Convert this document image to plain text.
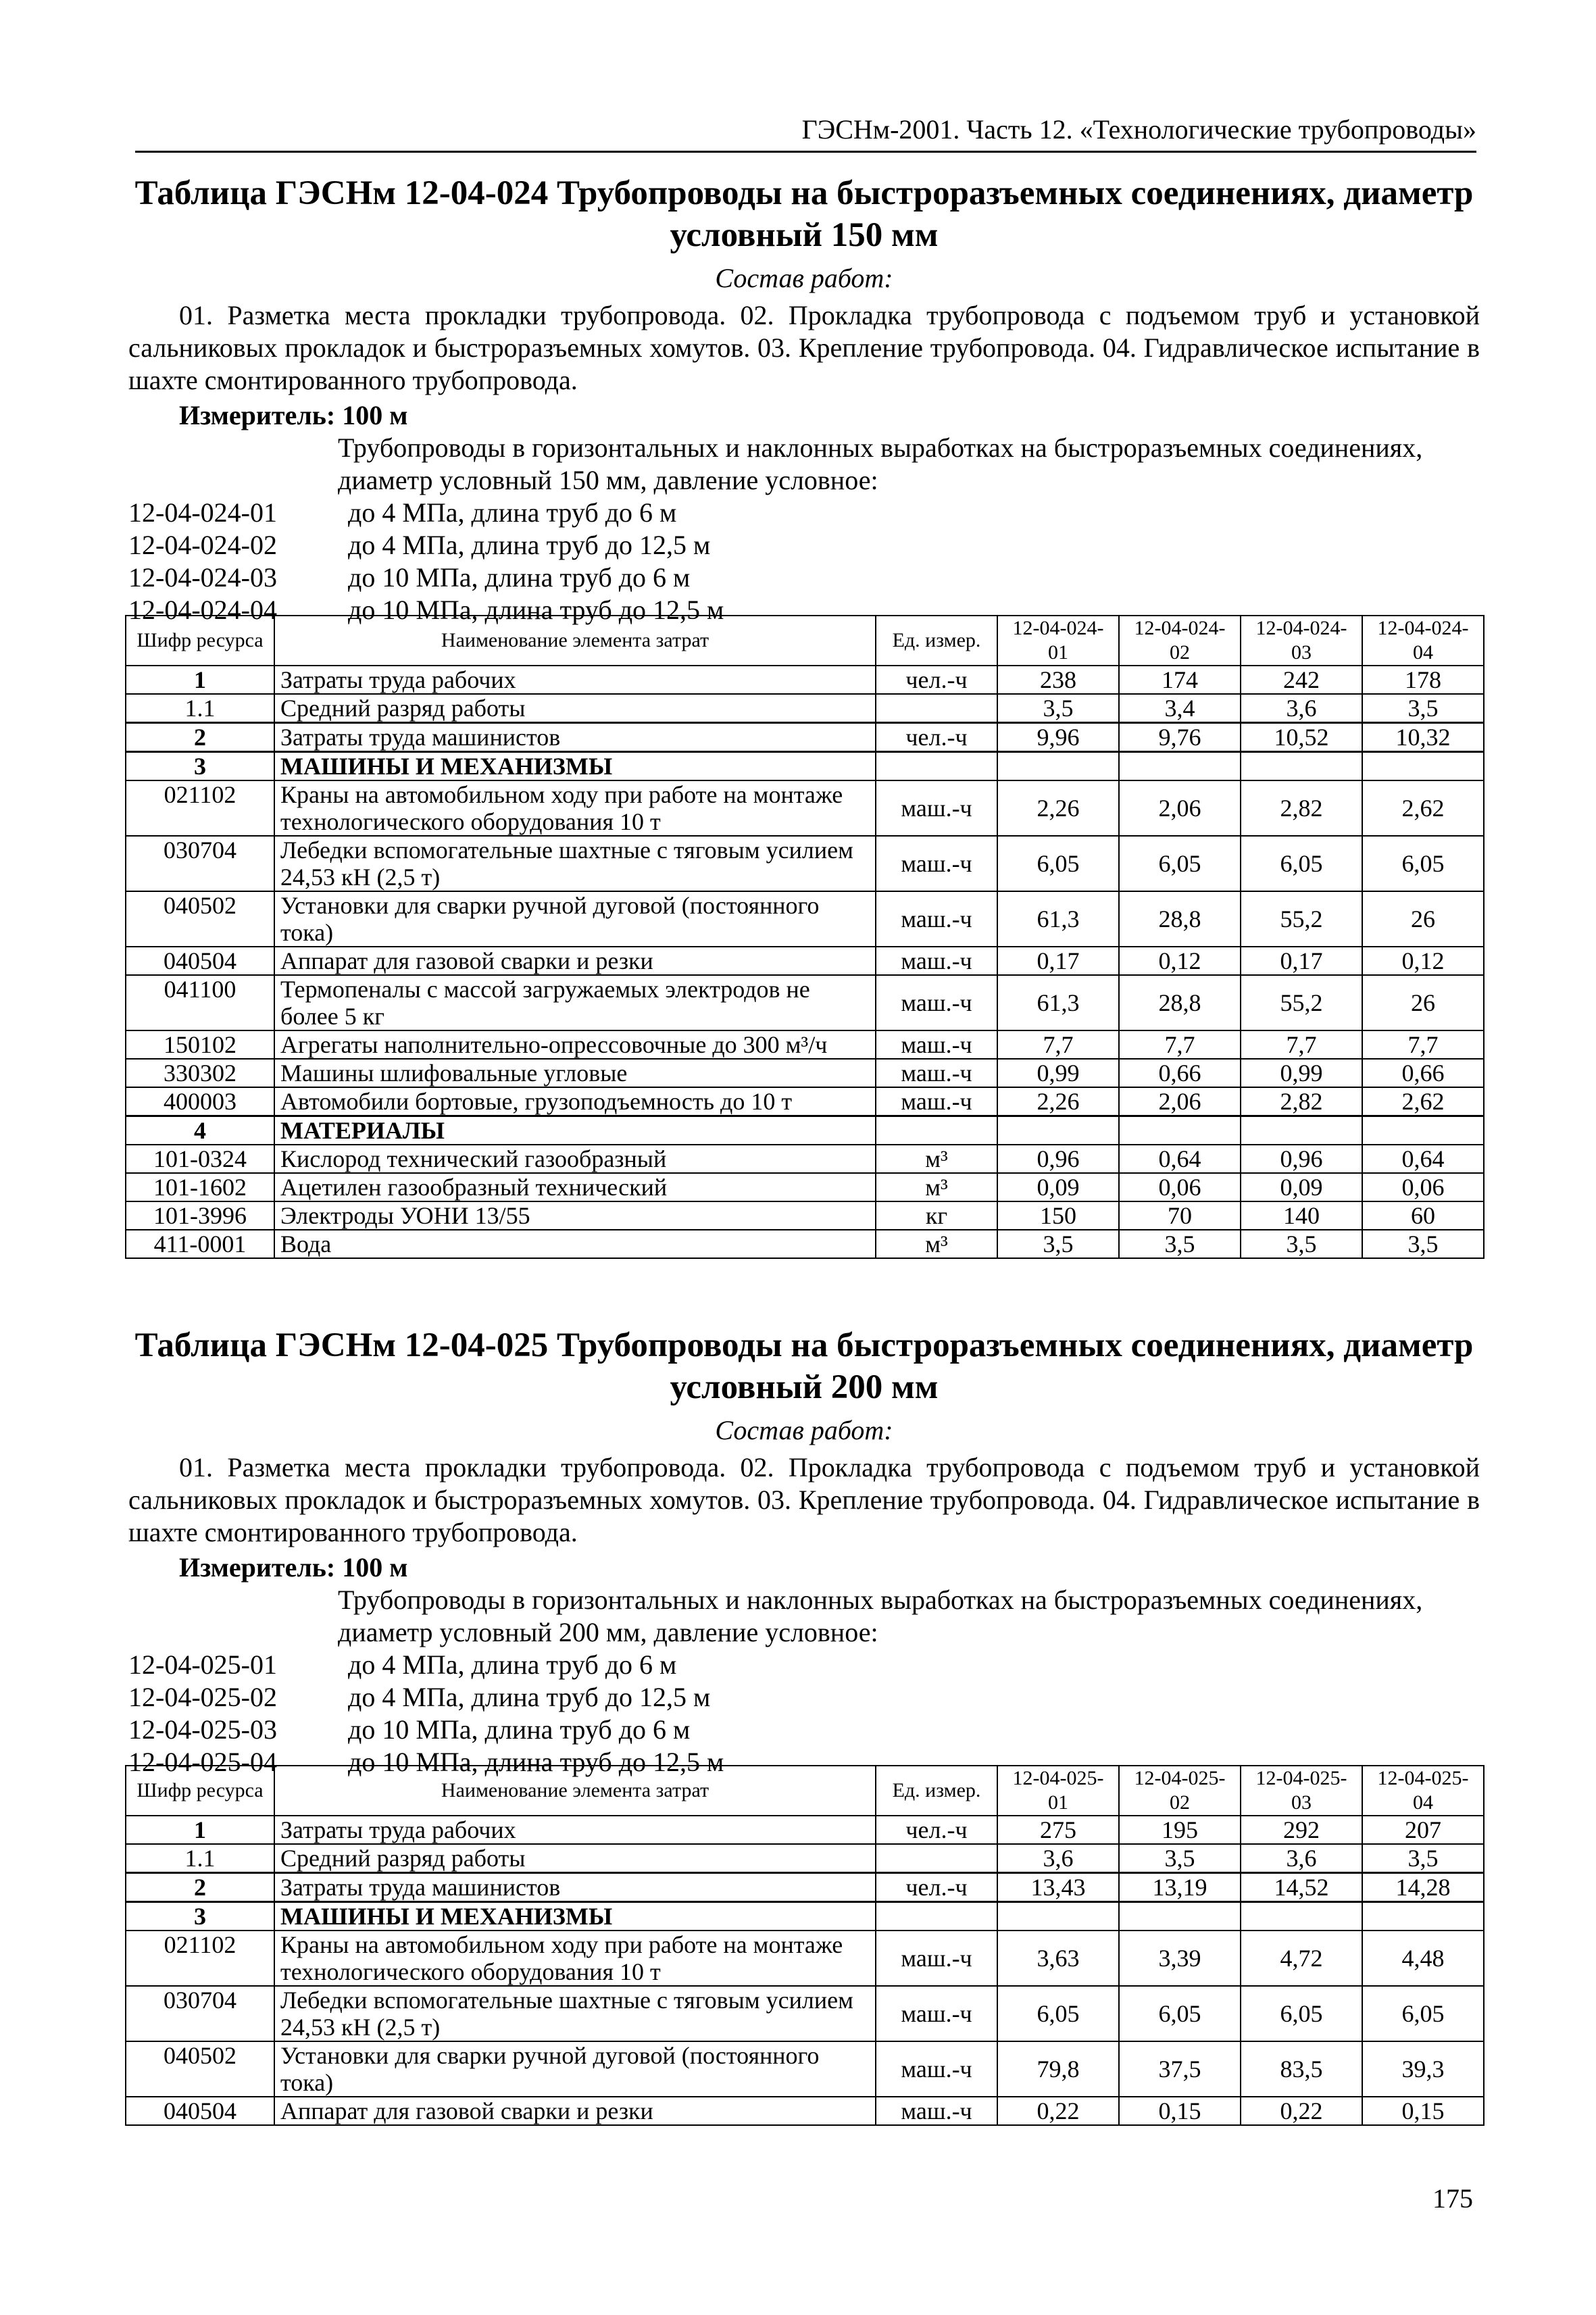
ГЭСНм-2001. Часть 12. «Технологические трубопроводы»
Таблица ГЭСНм 12-04-024 Трубопроводы на быстроразъемных соединениях, диаметр условный 150 мм
Состав работ:
01. Разметка места прокладки трубопровода. 02. Прокладка трубопровода с подъемом труб и установкой сальниковых прокладок и быстроразъемных хомутов. 03. Крепление трубопровода. 04. Гидравлическое испытание в шахте смонтированного трубопровода.
Измеритель: 100 м
Трубопроводы в горизонтальных и наклонных выработках на быстроразъемных соединениях, диаметр условный 150 мм, давление условное:
12-04-024-01	до 4 МПа, длина труб до 6 м
12-04-024-02	до 4 МПа, длина труб до 12,5 м
12-04-024-03	до 10 МПа, длина труб до 6 м
12-04-024-04	до 10 МПа, длина труб до 12,5 м
Шифр ресурса	Наименование элемента затрат	Ед. измер.	12-04-024-01	12-04-024-02	12-04-024-03	12-04-024-04
1	Затраты труда рабочих	чел.-ч	238	174	242	178
1.1	Средний разряд работы		3,5	3,4	3,6	3,5
2	Затраты труда машинистов	чел.-ч	9,96	9,76	10,52	10,32
3	МАШИНЫ И МЕХАНИЗМЫ					
021102	Краны на автомобильном ходу при работе на монтаже технологического оборудования 10 т	маш.-ч	2,26	2,06	2,82	2,62
030704	Лебедки вспомогательные шахтные с тяговым усилием 24,53 кН (2,5 т)	маш.-ч	6,05	6,05	6,05	6,05
040502	Установки для сварки ручной дуговой (постоянного тока)	маш.-ч	61,3	28,8	55,2	26
040504	Аппарат для газовой сварки и резки	маш.-ч	0,17	0,12	0,17	0,12
041100	Термопеналы с массой загружаемых электродов не более 5 кг	маш.-ч	61,3	28,8	55,2	26
150102	Агрегаты наполнительно-опрессовочные до 300 м³/ч	маш.-ч	7,7	7,7	7,7	7,7
330302	Машины шлифовальные угловые	маш.-ч	0,99	0,66	0,99	0,66
400003	Автомобили бортовые, грузоподъемность до 10 т	маш.-ч	2,26	2,06	2,82	2,62
4	МАТЕРИАЛЫ					
101-0324	Кислород технический газообразный	м³	0,96	0,64	0,96	0,64
101-1602	Ацетилен газообразный технический	м³	0,09	0,06	0,09	0,06
101-3996	Электроды УОНИ 13/55	кг	150	70	140	60
411-0001	Вода	м³	3,5	3,5	3,5	3,5
Таблица ГЭСНм 12-04-025 Трубопроводы на быстроразъемных соединениях, диаметр условный 200 мм
Состав работ:
01. Разметка места прокладки трубопровода. 02. Прокладка трубопровода с подъемом труб и установкой сальниковых прокладок и быстроразъемных хомутов. 03. Крепление трубопровода. 04. Гидравлическое испытание в шахте смонтированного трубопровода.
Измеритель: 100 м
Трубопроводы в горизонтальных и наклонных выработках на быстроразъемных соединениях, диаметр условный 200 мм, давление условное:
12-04-025-01	до 4 МПа, длина труб до 6 м
12-04-025-02	до 4 МПа, длина труб до 12,5 м
12-04-025-03	до 10 МПа, длина труб до 6 м
12-04-025-04	до 10 МПа, длина труб до 12,5 м
Шифр ресурса	Наименование элемента затрат	Ед. измер.	12-04-025-01	12-04-025-02	12-04-025-03	12-04-025-04
1	Затраты труда рабочих	чел.-ч	275	195	292	207
1.1	Средний разряд работы		3,6	3,5	3,6	3,5
2	Затраты труда машинистов	чел.-ч	13,43	13,19	14,52	14,28
3	МАШИНЫ И МЕХАНИЗМЫ					
021102	Краны на автомобильном ходу при работе на монтаже технологического оборудования 10 т	маш.-ч	3,63	3,39	4,72	4,48
030704	Лебедки вспомогательные шахтные с тяговым усилием 24,53 кН (2,5 т)	маш.-ч	6,05	6,05	6,05	6,05
040502	Установки для сварки ручной дуговой (постоянного тока)	маш.-ч	79,8	37,5	83,5	39,3
040504	Аппарат для газовой сварки и резки	маш.-ч	0,22	0,15	0,22	0,15
175
